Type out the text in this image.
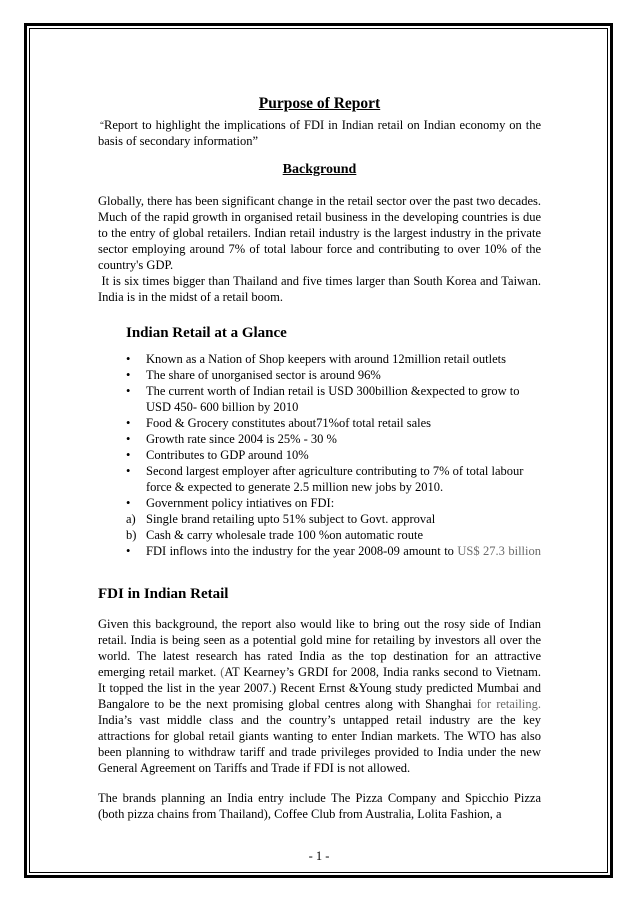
Purpose of Report
“Report to highlight the implications of FDI in Indian retail on Indian economy on the basis of secondary information”
Background
Globally, there has been significant change in the retail sector over the past two decades. Much of the rapid growth in organised retail business in the developing countries is due to the entry of global retailers. Indian retail industry is the largest industry in the private sector employing around 7% of total labour force and contributing to over 10% of the country's GDP.
It is six times bigger than Thailand and five times larger than South Korea and Taiwan. India is in the midst of a retail boom.
Indian Retail at a Glance
•	Known as a Nation of Shop keepers with around 12million retail outlets
•	The share of unorganised sector is around 96%
•	The current worth of Indian retail is USD 300billion &expected to grow to USD 450- 600 billion by 2010
•	Food & Grocery constitutes about71%of total retail sales
•	Growth rate since 2004 is 25% - 30 %
•	Contributes to GDP around 10%
•	Second largest employer after agriculture contributing to 7% of total labour force & expected to generate 2.5 million new jobs by 2010.
•	Government policy intiatives on FDI:
a) Single brand retailing upto 51% subject to Govt. approval
b) Cash & carry wholesale trade 100 %on automatic route
•	FDI inflows into the industry for the year 2008-09 amount to US$ 27.3 billion
FDI in Indian Retail
Given this background, the report also would like to bring out the rosy side of Indian retail. India is being seen as a potential gold mine for retailing by investors all over the world. The latest research has rated India as the top destination for an attractive emerging retail market. (AT Kearney’s GRDI for 2008, India ranks second to Vietnam. It topped the list in the year 2007.) Recent Ernst &Young study predicted Mumbai and Bangalore to be the next promising global centres along with Shanghai for retailing. India’s vast middle class and the country’s untapped retail industry are the key attractions for global retail giants wanting to enter Indian markets. The WTO has also been planning to withdraw tariff and trade privileges provided to India under the new General Agreement on Tariffs and Trade if FDI is not allowed.
The brands planning an India entry include The Pizza Company and Spicchio Pizza (both pizza chains from Thailand), Coffee Club from Australia, Lolita Fashion, a
- 1 -
